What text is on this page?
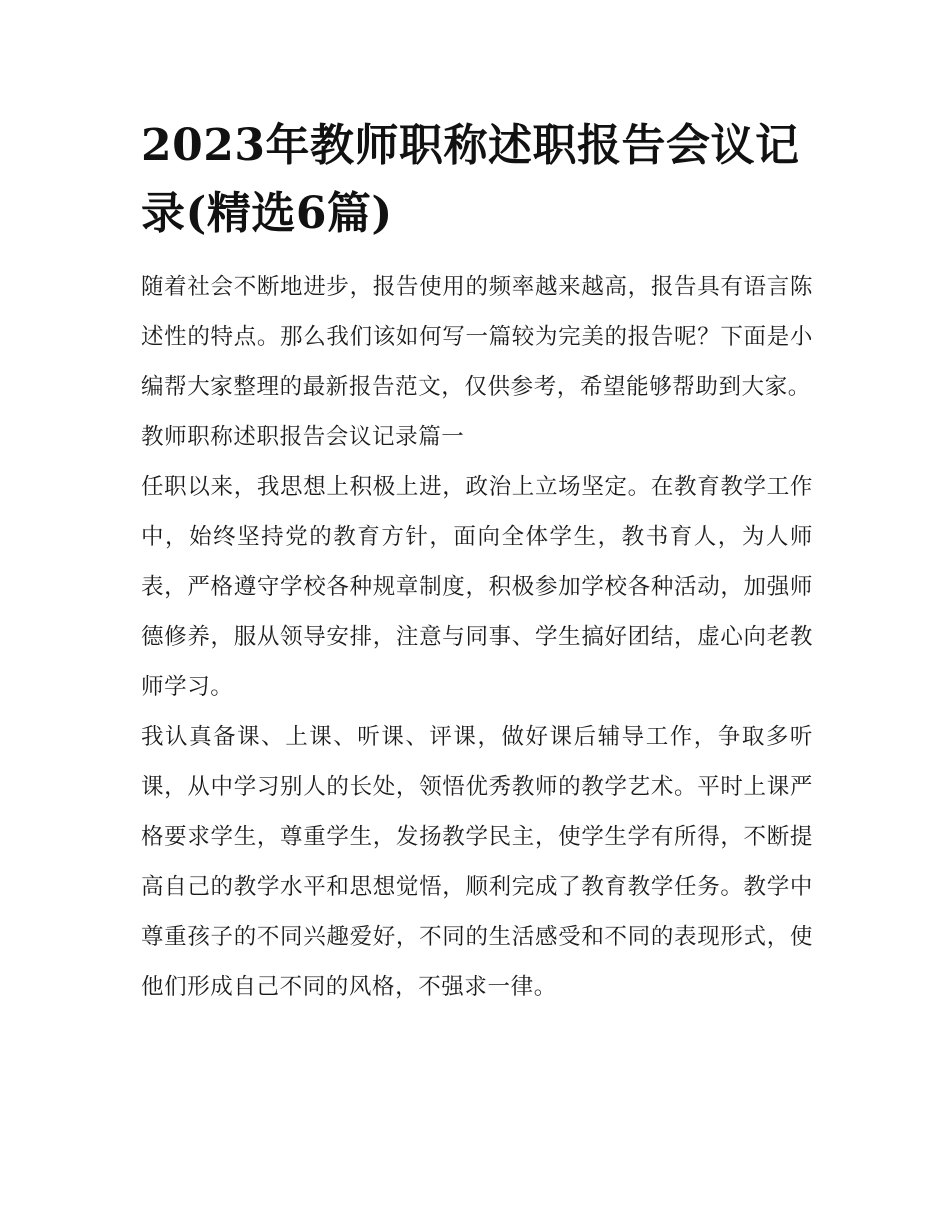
2023年教师职称述职报告会议记录(精选6篇)

随着社会不断地进步，报告使用的频率越来越高，报告具有语言陈述性的特点。那么我们该如何写一篇较为完美的报告呢？下面是小编帮大家整理的最新报告范文，仅供参考，希望能够帮助到大家。

教师职称述职报告会议记录篇一

任职以来，我思想上积极上进，政治上立场坚定。在教育教学工作中，始终坚持党的教育方针，面向全体学生，教书育人，为人师表，严格遵守学校各种规章制度，积极参加学校各种活动，加强师德修养，服从领导安排，注意与同事、学生搞好团结，虚心向老教师学习。

我认真备课、上课、听课、评课，做好课后辅导工作，争取多听课，从中学习别人的长处，领悟优秀教师的教学艺术。平时上课严格要求学生，尊重学生，发扬教学民主，使学生学有所得，不断提高自己的教学水平和思想觉悟，顺利完成了教育教学任务。教学中尊重孩子的不同兴趣爱好，不同的生活感受和不同的表现形式，使他们形成自己不同的风格，不强求一律。
